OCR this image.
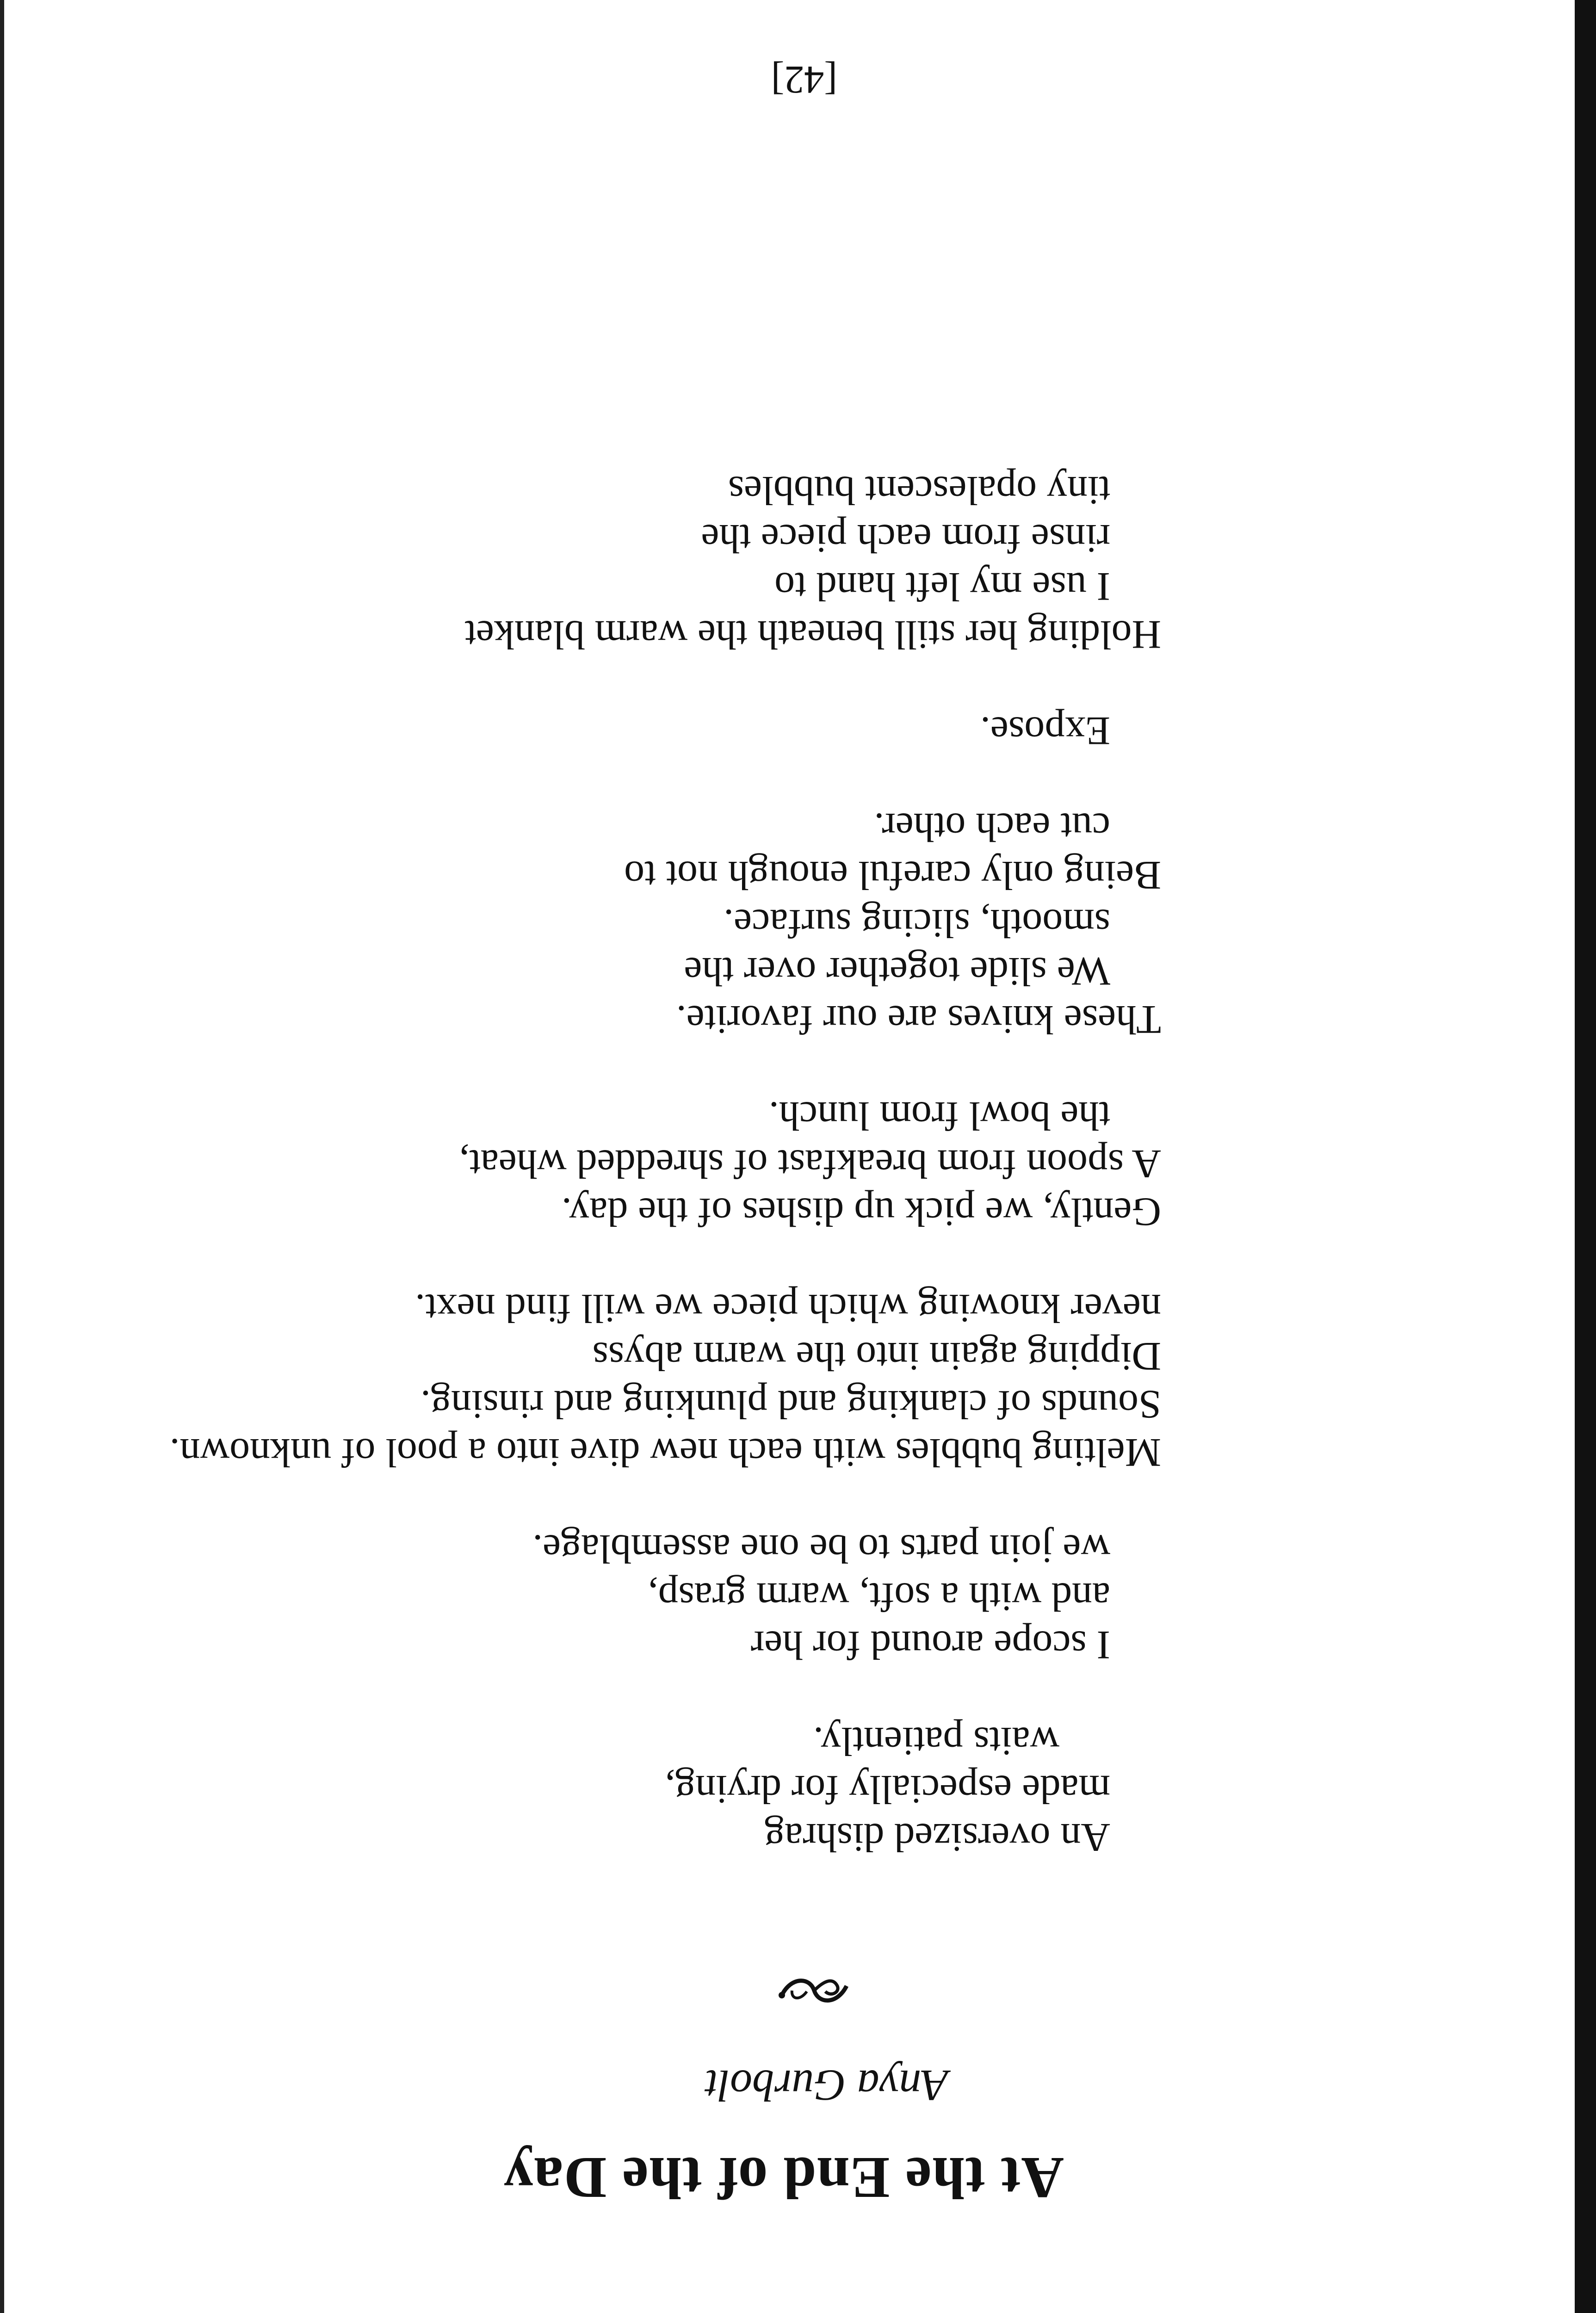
At the End of the Day
Anya Gurbolt
An oversized dishrag
made especially for drying,
waits patiently.
I scope around for her
and with a soft, warm grasp,
we join parts to be one assemblage.
Melting bubbles with each new dive into a pool of unknown.
Sounds of clanking and plunking and rinsing.
Dipping again into the warm abyss
never knowing which piece we will find next.
Gently, we pick up dishes of the day.
A spoon from breakfast of shredded wheat,
the bowl from lunch.
These knives are our favorite.
We slide together over the
smooth, slicing surface.
Being only careful enough not to
cut each other.
Expose.
Holding her still beneath the warm blanket
I use my left hand to
rinse from each piece the
tiny opalescent bubbles
[42]
